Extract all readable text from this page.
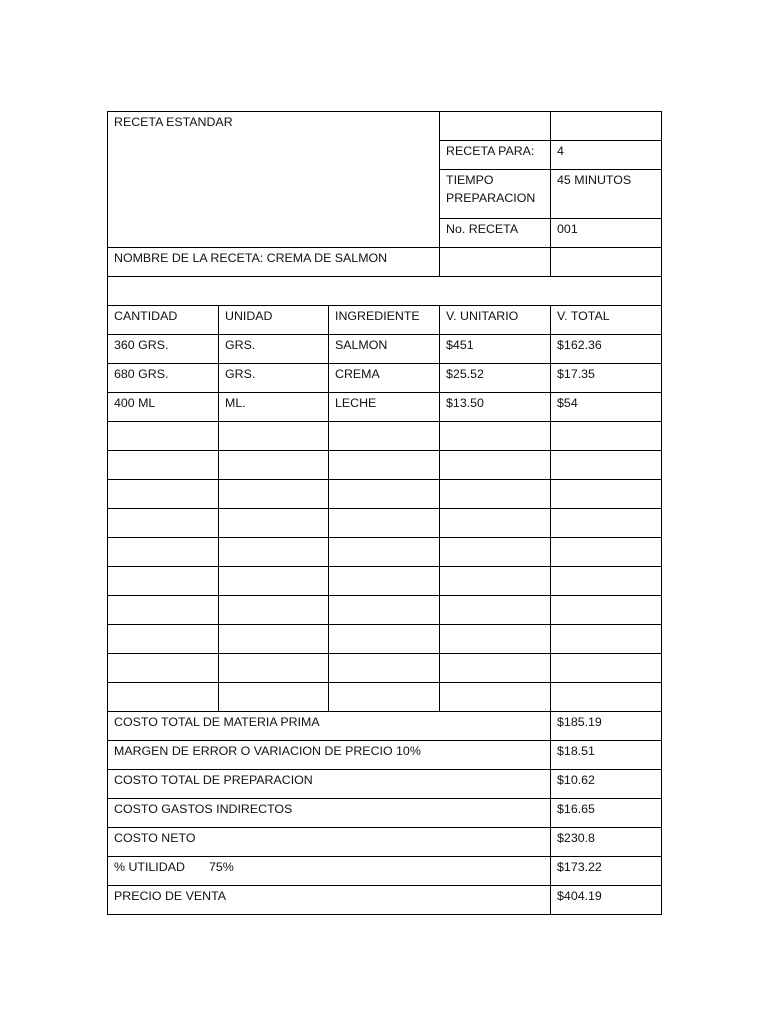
RECETA ESTANDAR				
			RECETA PARA:	4
			TIEMPO PREPARACION	45 MINUTOS
			No. RECETA	001
NOMBRE DE LA RECETA: CREMA DE SALMON				

CANTIDAD	UNIDAD	INGREDIENTE	V. UNITARIO	V. TOTAL
360 GRS.	GRS.	SALMON	$451	$162.36
680 GRS.	GRS.	CREMA	$25.52	$17.35
400 ML	ML.	LECHE	$13.50	$54

COSTO TOTAL DE MATERIA PRIMA				$185.19
MARGEN DE ERROR O VARIACION DE PRECIO 10%				$18.51
COSTO TOTAL DE PREPARACION				$10.62
COSTO GASTOS INDIRECTOS				$16.65
COSTO NETO				$230.8
% UTILIDAD       75%				$173.22
PRECIO DE VENTA				$404.19
